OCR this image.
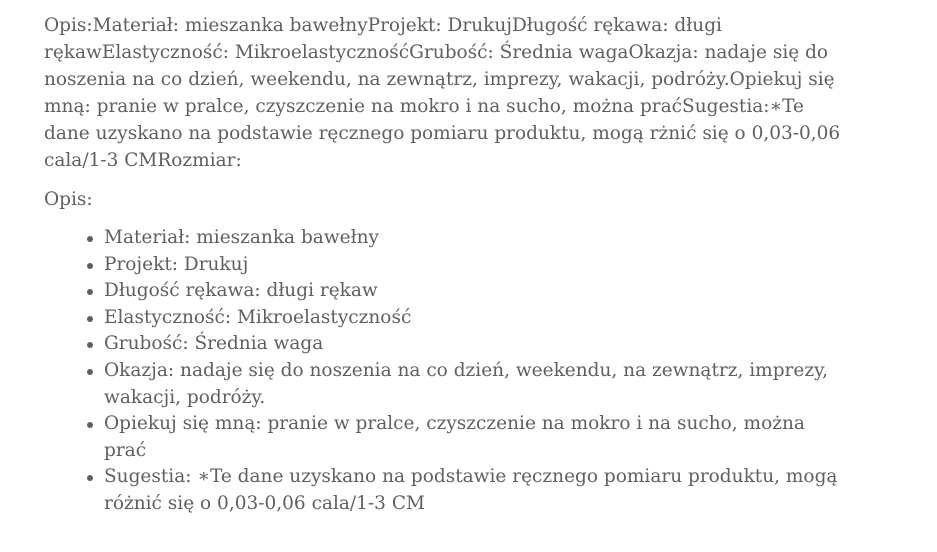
Opis:Materiał: mieszanka bawełnyProjekt: DrukujDługość rękawa: długi rękawElastyczność: MikroelastycznośćGrubość: Średnia wagaOkazja: nadaje się do noszenia na co dzień, weekendu, na zewnątrz, imprezy, wakacji, podróży.Opiekuj się mną: pranie w pralce, czyszczenie na mokro i na sucho, można praćSugestia:∗Te dane uzyskano na podstawie ręcznego pomiaru produktu, mogą rżnić się o 0,03-0,06 cala/1-3 CMRozmiar:

Opis:

Materiał: mieszanka bawełny
Projekt: Drukuj
Długość rękawa: długi rękaw
Elastyczność: Mikroelastyczność
Grubość: Średnia waga
Okazja: nadaje się do noszenia na co dzień, weekendu, na zewnątrz, imprezy, wakacji, podróży.
Opiekuj się mną: pranie w pralce, czyszczenie na mokro i na sucho, można prać
Sugestia: ∗Te dane uzyskano na podstawie ręcznego pomiaru produktu, mogą różnić się o 0,03-0,06 cala/1-3 CM
